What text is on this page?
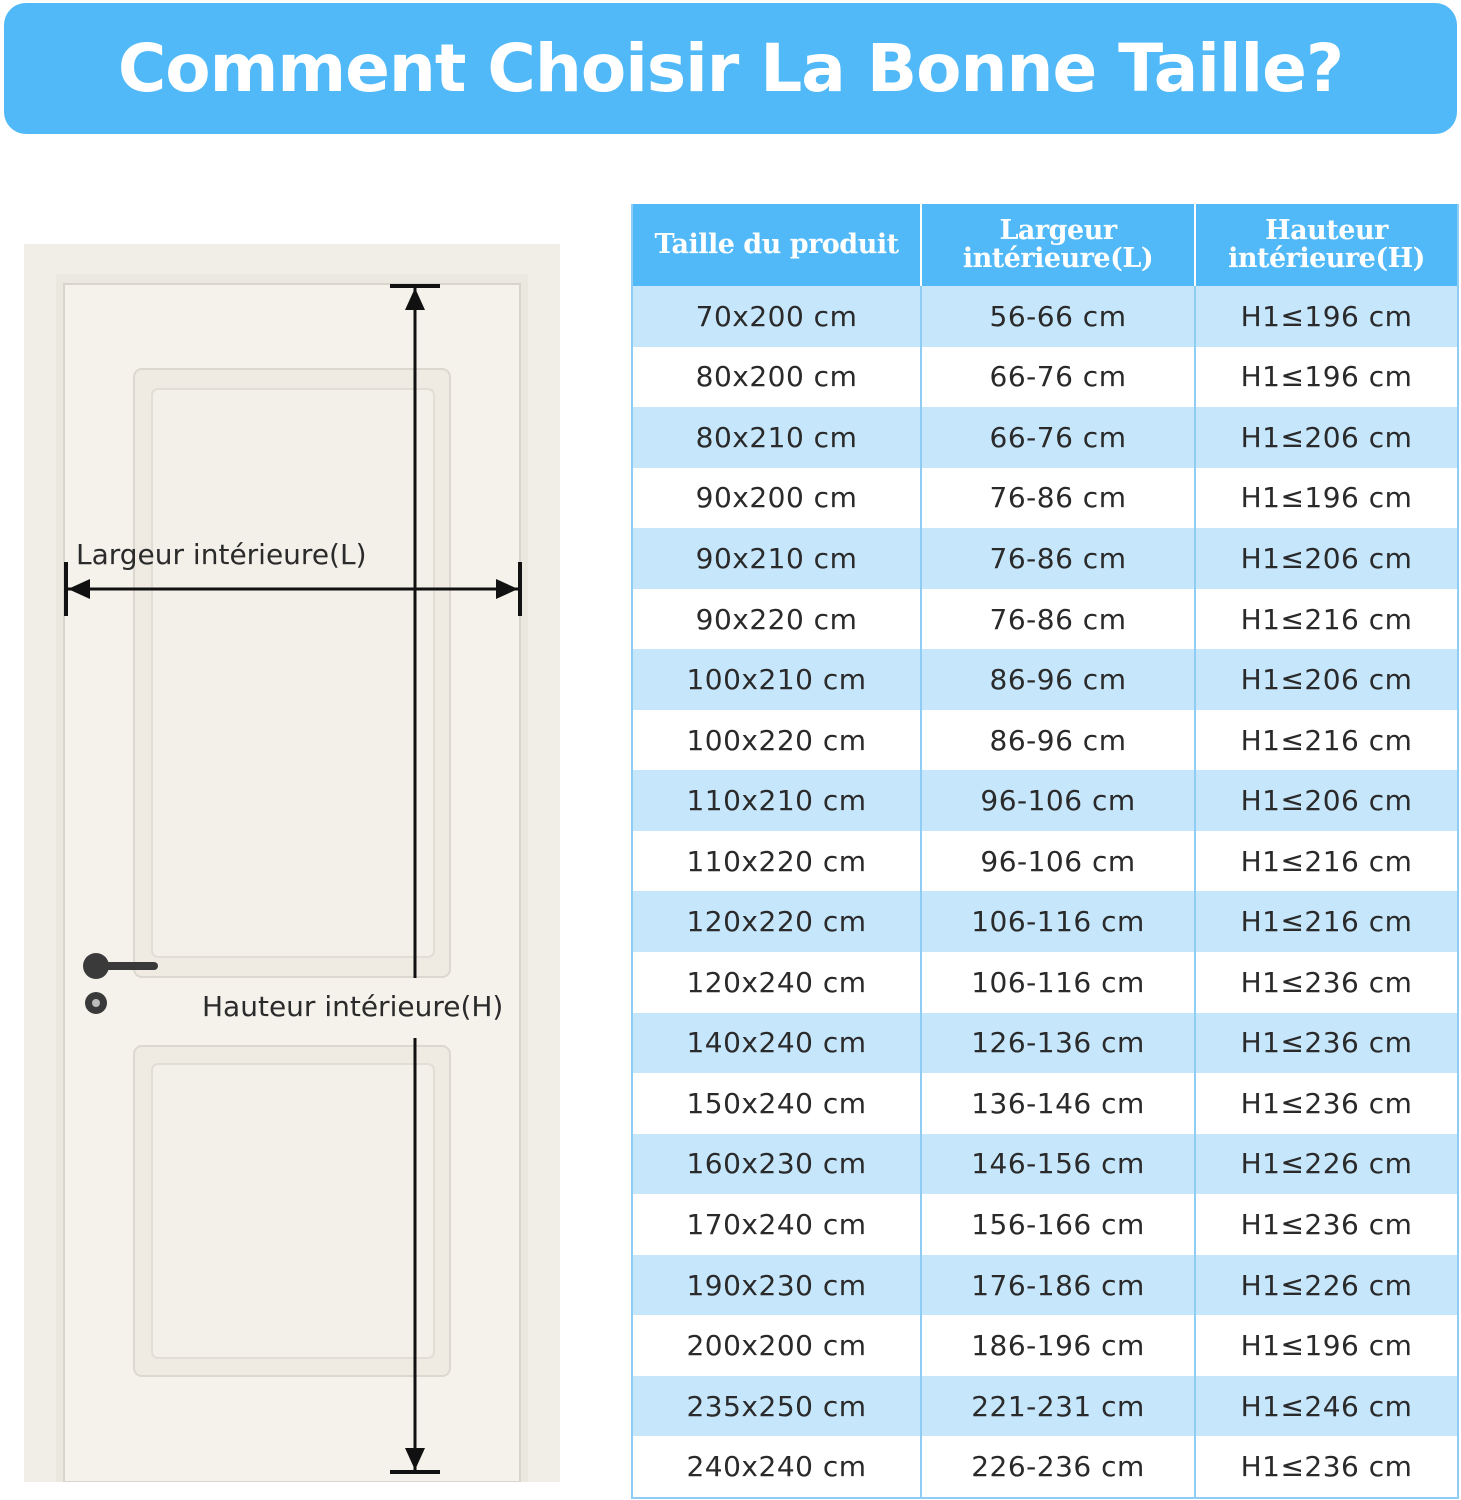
Comment Choisir La Bonne Taille?
Largeur intérieure(L)
Hauteur intérieure(H)
Taille du produit	Largeur intérieure(L)	Hauteur intérieure(H)
70x200 cm	56-66 cm	H1≤196 cm
80x200 cm	66-76 cm	H1≤196 cm
80x210 cm	66-76 cm	H1≤206 cm
90x200 cm	76-86 cm	H1≤196 cm
90x210 cm	76-86 cm	H1≤206 cm
90x220 cm	76-86 cm	H1≤216 cm
100x210 cm	86-96 cm	H1≤206 cm
100x220 cm	86-96 cm	H1≤216 cm
110x210 cm	96-106 cm	H1≤206 cm
110x220 cm	96-106 cm	H1≤216 cm
120x220 cm	106-116 cm	H1≤216 cm
120x240 cm	106-116 cm	H1≤236 cm
140x240 cm	126-136 cm	H1≤236 cm
150x240 cm	136-146 cm	H1≤236 cm
160x230 cm	146-156 cm	H1≤226 cm
170x240 cm	156-166 cm	H1≤236 cm
190x230 cm	176-186 cm	H1≤226 cm
200x200 cm	186-196 cm	H1≤196 cm
235x250 cm	221-231 cm	H1≤246 cm
240x240 cm	226-236 cm	H1≤236 cm
